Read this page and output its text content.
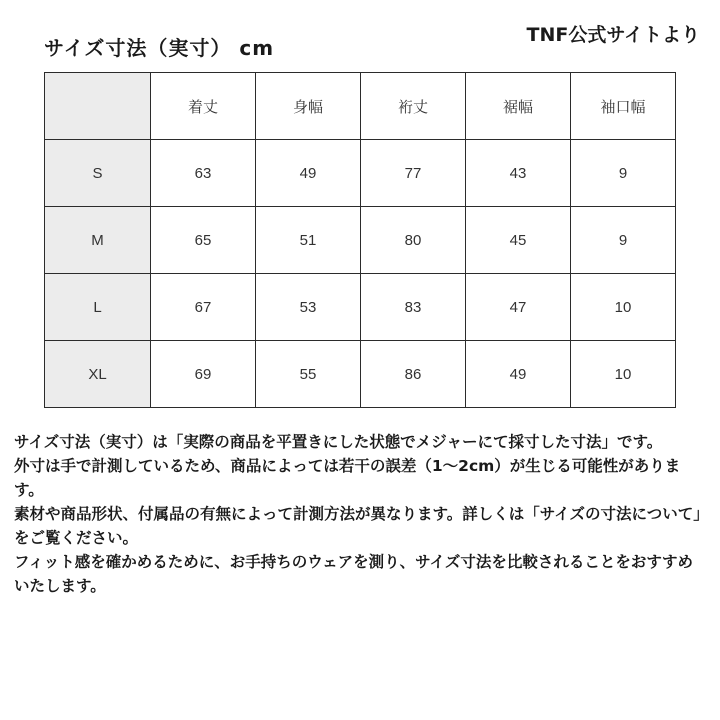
サイズ寸法（実寸） cm
TNF公式サイトより
	着丈	身幅	裄丈	裾幅	袖口幅
S	63	49	77	43	9
M	65	51	80	45	9
L	67	53	83	47	10
XL	69	55	86	49	10

サイズ寸法（実寸）は「実際の商品を平置きにした状態でメジャーにて採寸した寸法」です。

外寸は手で計測しているため、商品によっては若干の誤差（1～2cm）が生じる可能性があります。

素材や商品形状、付属品の有無によって計測方法が異なります。詳しくは「サイズの寸法について」をご覧ください。

フィット感を確かめるために、お手持ちのウェアを測り、サイズ寸法を比較されることをおすすめいたします。
